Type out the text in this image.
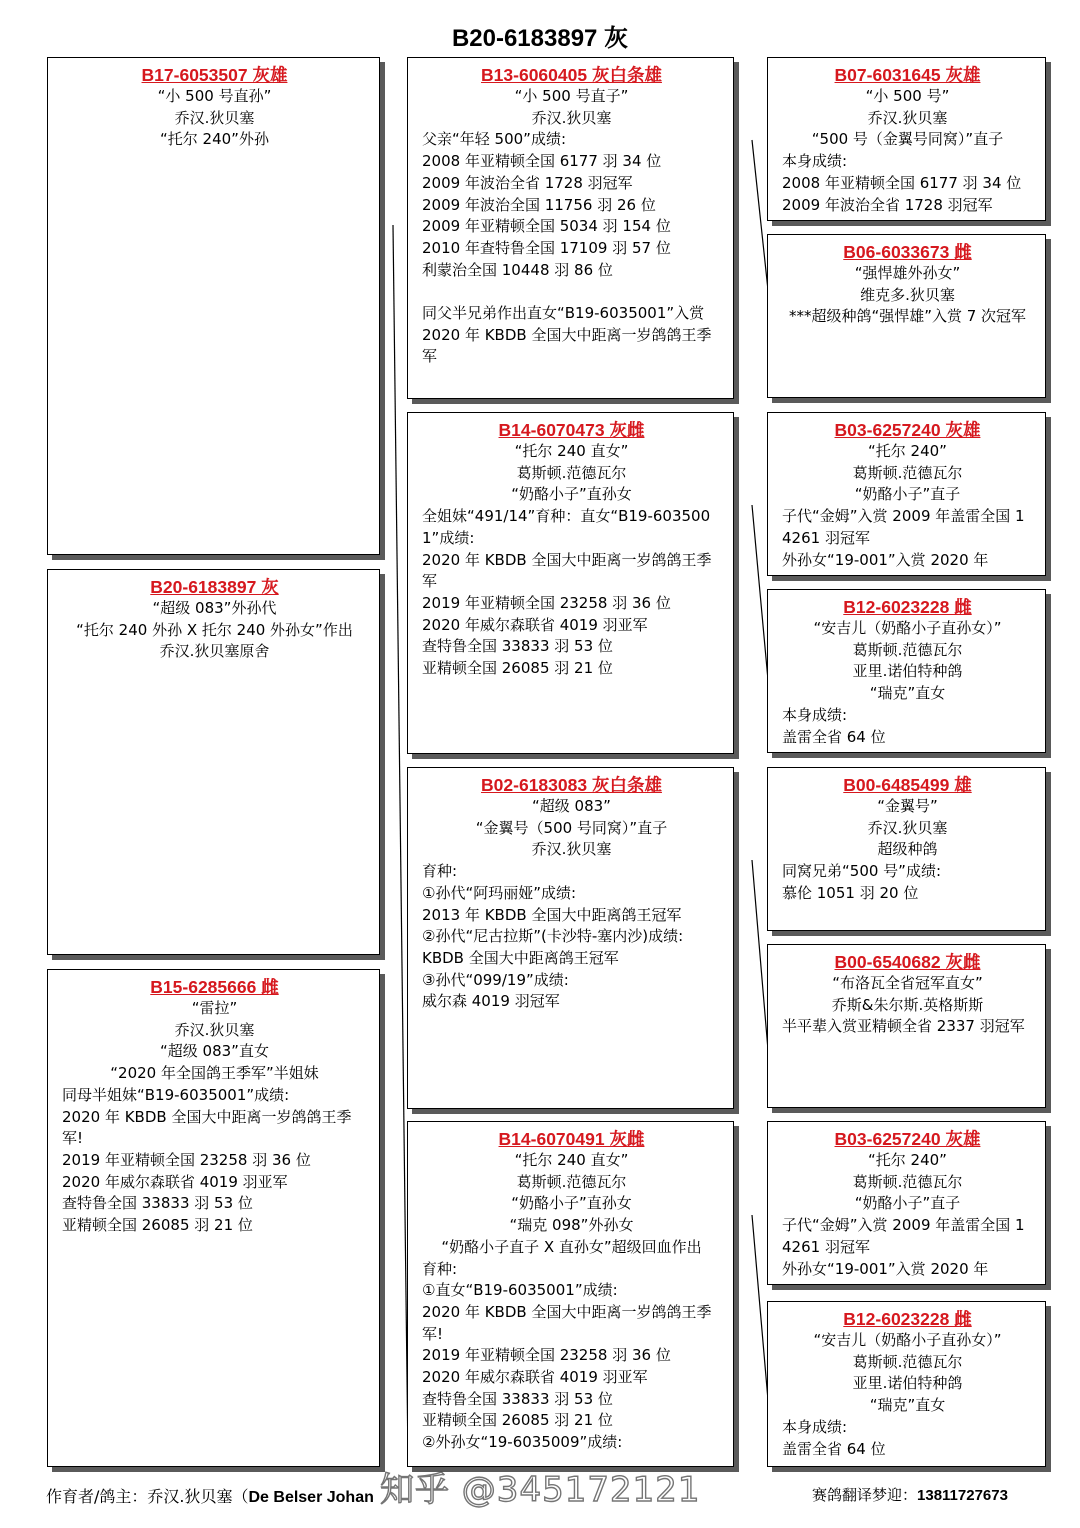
B20-6183897 灰
B17-6053507 灰雄
“小 500 号直孙”
乔汉.狄贝塞
“托尔 240”外孙
B20-6183897 灰
“超级 083”外孙代
“托尔 240 外孙 X 托尔 240 外孙女”作出
乔汉.狄贝塞原舍
B15-6285666 雌
“雷拉”
乔汉.狄贝塞
“超级 083”直女
“2020 年全国鸽王季军”半姐妹
同母半姐妹“B19-6035001”成绩:
2020 年 KBDB 全国大中距离一岁鸽鸽王季军!
2019 年亚精顿全国 23258 羽 36 位
2020 年威尔森联省 4019 羽亚军
查特鲁全国 33833 羽 53 位
亚精顿全国 26085 羽 21 位
B13-6060405 灰白条雄
“小 500 号直子”
乔汉.狄贝塞
父亲“年轻 500”成绩:
2008 年亚精顿全国 6177 羽 34 位
2009 年波治全省 1728 羽冠军
2009 年波治全国 11756 羽 26 位
2009 年亚精顿全国 5034 羽 154 位
2010 年查特鲁全国 17109 羽 57 位
利蒙治全国 10448 羽 86 位
同父半兄弟作出直女“B19-6035001”入赏
2020 年 KBDB 全国大中距离一岁鸽鸽王季军
B14-6070473 灰雌
“托尔 240 直女”
葛斯顿.范德瓦尔
“奶酪小子”直孙女
全姐妹“491/14”育种：直女“B19-6035001”成绩:
2020 年 KBDB 全国大中距离一岁鸽鸽王季军
2019 年亚精顿全国 23258 羽 36 位
2020 年威尔森联省 4019 羽亚军
查特鲁全国 33833 羽 53 位
亚精顿全国 26085 羽 21 位
B02-6183083 灰白条雄
“超级 083”
“金翼号（500 号同窝）”直子
乔汉.狄贝塞
育种:
①孙代“阿玛丽娅”成绩:
2013 年 KBDB 全国大中距离鸽王冠军
②孙代“尼古拉斯”(卡沙特-塞内沙)成绩:
KBDB 全国大中距离鸽王冠军
③孙代“099/19”成绩:
威尔森 4019 羽冠军
B14-6070491 灰雌
“托尔 240 直女”
葛斯顿.范德瓦尔
“奶酪小子”直孙女
“瑞克 098”外孙女
“奶酪小子直子 X 直孙女”超级回血作出
育种:
①直女“B19-6035001”成绩:
2020 年 KBDB 全国大中距离一岁鸽鸽王季军!
2019 年亚精顿全国 23258 羽 36 位
2020 年威尔森联省 4019 羽亚军
查特鲁全国 33833 羽 53 位
亚精顿全国 26085 羽 21 位
②外孙女“19-6035009”成绩:
B07-6031645 灰雄
“小 500 号”
乔汉.狄贝塞
“500 号（金翼号同窝）”直子
本身成绩:
2008 年亚精顿全国 6177 羽 34 位
2009 年波治全省 1728 羽冠军
B06-6033673 雌
“强悍雄外孙女”
维克多.狄贝塞
***超级种鸽“强悍雄”入赏 7 次冠军
B03-6257240 灰雄
“托尔 240”
葛斯顿.范德瓦尔
“奶酪小子”直子
子代“金姆”入赏 2009 年盖雷全国 14261 羽冠军
外孙女“19-001”入赏 2020 年
B12-6023228 雌
“安吉儿（奶酪小子直孙女）”
葛斯顿.范德瓦尔
亚里.诺伯特种鸽
“瑞克”直女
本身成绩:
盖雷全省 64 位
B00-6485499 雄
“金翼号”
乔汉.狄贝塞
超级种鸽
同窝兄弟“500 号”成绩:
慕伦 1051 羽 20 位
B00-6540682 灰雌
“布洛瓦全省冠军直女”
乔斯&朱尔斯.英格斯斯
半平辈入赏亚精顿全省 2337 羽冠军
B03-6257240 灰雄
“托尔 240”
葛斯顿.范德瓦尔
“奶酪小子”直子
子代“金姆”入赏 2009 年盖雷全国 14261 羽冠军
外孙女“19-001”入赏 2020 年
B12-6023228 雌
“安吉儿（奶酪小子直孙女）”
葛斯顿.范德瓦尔
亚里.诺伯特种鸽
“瑞克”直女
本身成绩:
盖雷全省 64 位
作育者/鸽主：乔汉.狄贝塞（De Belser Johan	赛鸽翻译梦迎：13811727673
知乎 @345172121
